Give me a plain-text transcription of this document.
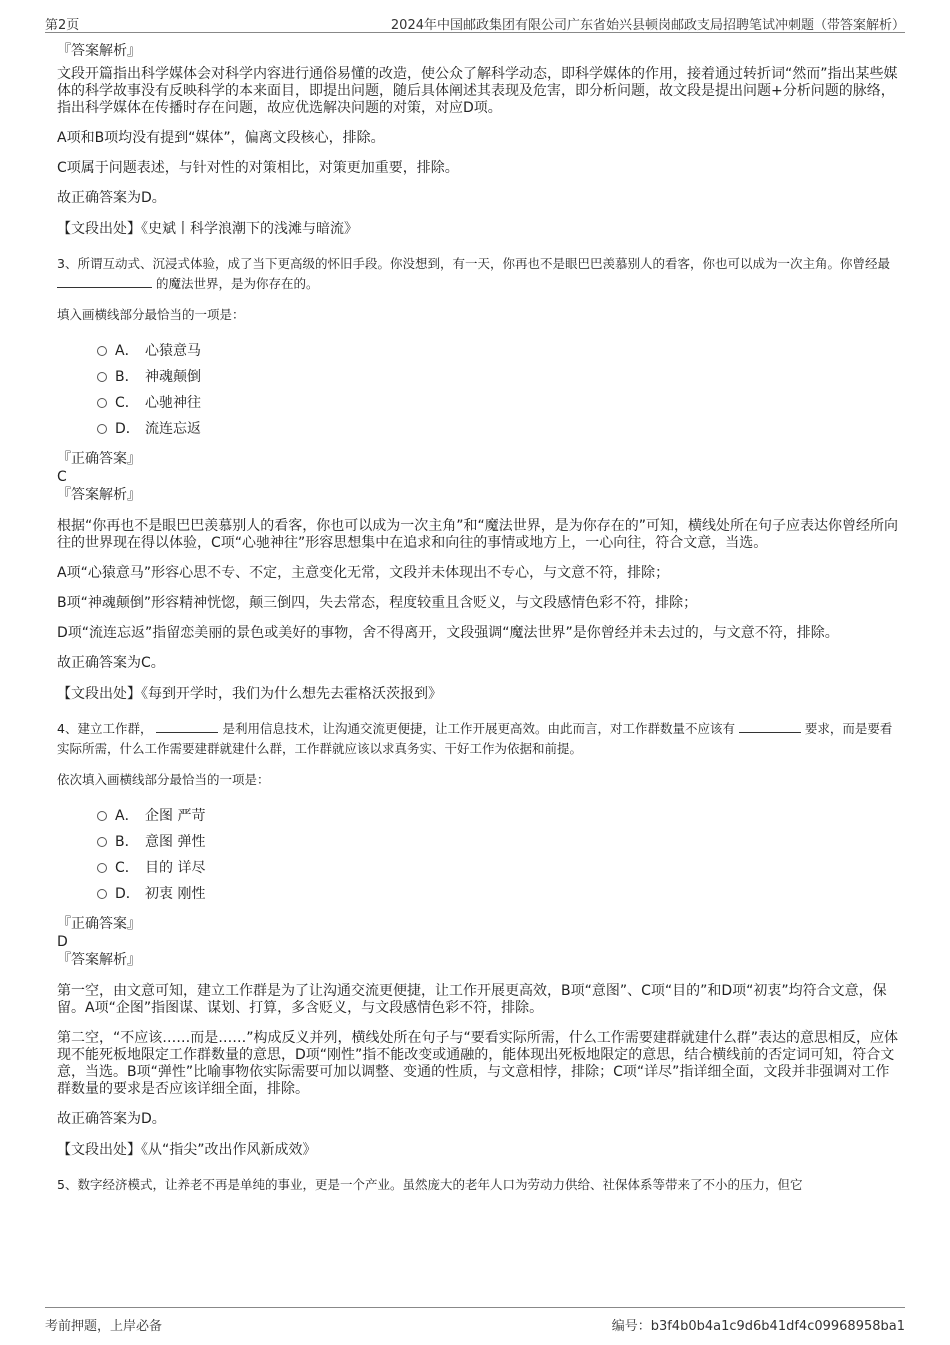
第2页	2024年中国邮政集团有限公司广东省始兴县顿岗邮政支局招聘笔试冲刺题（带答案解析）
『答案解析』
文段开篇指出科学媒体会对科学内容进行通俗易懂的改造，使公众了解科学动态，即科学媒体的作用，接着通过转折词“然而”指出某些媒体的科学故事没有反映科学的本来面目，即提出问题，随后具体阐述其表现及危害，即分析问题，故文段是提出问题+分析问题的脉络，指出科学媒体在传播时存在问题，故应优选解决问题的对策，对应D项。
A项和B项均没有提到“媒体”，偏离文段核心，排除。
C项属于问题表述，与针对性的对策相比，对策更加重要，排除。
故正确答案为D。
【文段出处】《史斌丨科学浪潮下的浅滩与暗流》
3、所谓互动式、沉浸式体验，成了当下更高级的怀旧手段。你没想到，有一天，你再也不是眼巴巴羡慕别人的看客，你也可以成为一次主角。你曾经最  的魔法世界，是为你存在的。
填入画横线部分最恰当的一项是：
A． 心猿意马
B． 神魂颠倒
C． 心驰神往
D． 流连忘返
『正确答案』
C
『答案解析』
根据“你再也不是眼巴巴羡慕别人的看客，你也可以成为一次主角”和“魔法世界，是为你存在的”可知，横线处所在句子应表达你曾经所向往的世界现在得以体验，C项“心驰神往”形容思想集中在追求和向往的事情或地方上，一心向往，符合文意，当选。
A项“心猿意马”形容心思不专、不定，主意变化无常，文段并未体现出不专心，与文意不符，排除；
B项“神魂颠倒”形容精神恍惚，颠三倒四，失去常态，程度较重且含贬义，与文段感情色彩不符，排除；
D项“流连忘返”指留恋美丽的景色或美好的事物，舍不得离开，文段强调“魔法世界”是你曾经并未去过的，与文意不符，排除。
故正确答案为C。
【文段出处】《每到开学时，我们为什么想先去霍格沃茨报到》
4、建立工作群，	是利用信息技术，让沟通交流更便捷，让工作开展更高效。由此而言，对工作群数量不应该有	要求，而是要看实际所需，什么工作需要建群就建什么群，工作群就应该以求真务实、干好工作为依据和前提。
依次填入画横线部分最恰当的一项是：
A． 企图 严苛
B． 意图 弹性
C． 目的 详尽
D． 初衷 刚性
『正确答案』
D
『答案解析』
第一空，由文意可知，建立工作群是为了让沟通交流更便捷，让工作开展更高效，B项“意图”、C项“目的”和D项“初衷”均符合文意，保留。A项“企图”指图谋、谋划、打算，多含贬义，与文段感情色彩不符，排除。
第二空，“不应该……而是……”构成反义并列，横线处所在句子与“要看实际所需，什么工作需要建群就建什么群”表达的意思相反，应体现不能死板地限定工作群数量的意思，D项“刚性”指不能改变或通融的，能体现出死板地限定的意思，结合横线前的否定词可知，符合文意，当选。B项“弹性”比喻事物依实际需要可加以调整、变通的性质，与文意相悖，排除；C项“详尽”指详细全面，文段并非强调对工作群数量的要求是否应该详细全面，排除。
故正确答案为D。
【文段出处】《从“指尖”改出作风新成效》
5、数字经济模式，让养老不再是单纯的事业，更是一个产业。虽然庞大的老年人口为劳动力供给、社保体系等带来了不小的压力，但它
考前押题，上岸必备	编号：b3f4b0b4a1c9d6b41df4c09968958ba1
